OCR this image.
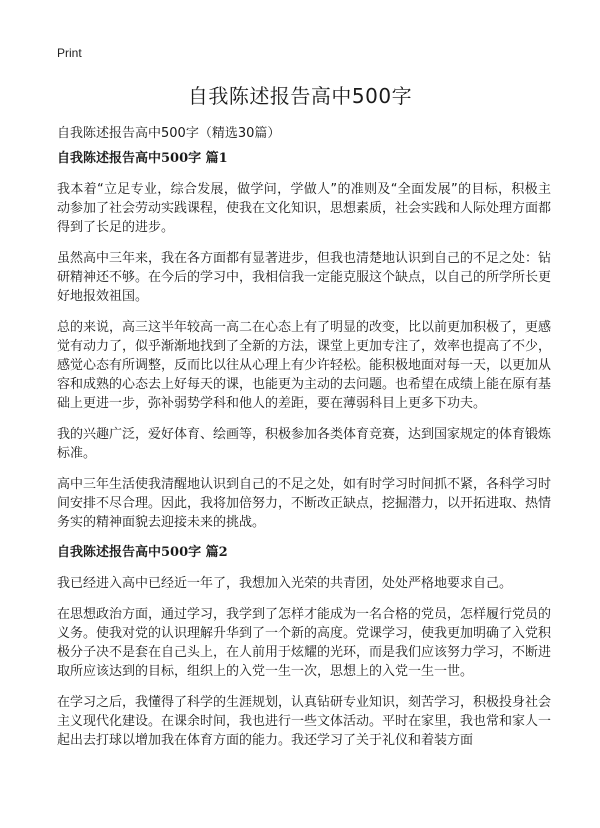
Print
自我陈述报告高中500字

自我陈述报告高中500字（精选30篇）

自我陈述报告高中500字 篇1

我本着“立足专业，综合发展，做学问，学做人”的准则及“全面发展”的目标，积极主动参加了社会劳动实践课程，使我在文化知识，思想素质，社会实践和人际处理方面都得到了长足的进步。

虽然高中三年来，我在各方面都有显著进步，但我也清楚地认识到自己的不足之处：钻研精神还不够。在今后的学习中，我相信我一定能克服这个缺点，以自己的所学所长更好地报效祖国。

总的来说，高三这半年较高一高二在心态上有了明显的改变，比以前更加积极了，更感觉有动力了，似乎渐渐地找到了全新的方法，课堂上更加专注了，效率也提高了不少，感觉心态有所调整，反而比以往从心理上有少许轻松。能积极地面对每一天，以更加从容和成熟的心态去上好每天的课，也能更为主动的去问题。也希望在成绩上能在原有基础上更进一步，弥补弱势学科和他人的差距，要在薄弱科目上更多下功夫。

我的兴趣广泛，爱好体育、绘画等，积极参加各类体育竞赛，达到国家规定的体育锻炼标准。

高中三年生活使我清醒地认识到自己的不足之处，如有时学习时间抓不紧，各科学习时间安排不尽合理。因此，我将加倍努力，不断改正缺点，挖掘潜力，以开拓进取、热情务实的精神面貌去迎接未来的挑战。

自我陈述报告高中500字 篇2

我已经进入高中已经近一年了，我想加入光荣的共青团，处处严格地要求自己。

在思想政治方面，通过学习，我学到了怎样才能成为一名合格的党员，怎样履行党员的义务。使我对党的认识理解升华到了一个新的高度。党课学习，使我更加明确了入党积极分子决不是套在自己头上，在人前用于炫耀的光环，而是我们应该努力学习，不断进取所应该达到的目标，组织上的入党一生一次，思想上的入党一生一世。

在学习之后，我懂得了科学的生涯规划，认真钻研专业知识，刻苦学习，积极投身社会主义现代化建设。在课余时间，我也进行一些文体活动。平时在家里，我也常和家人一起出去打球以增加我在体育方面的能力。我还学习了关于礼仪和着装方面
